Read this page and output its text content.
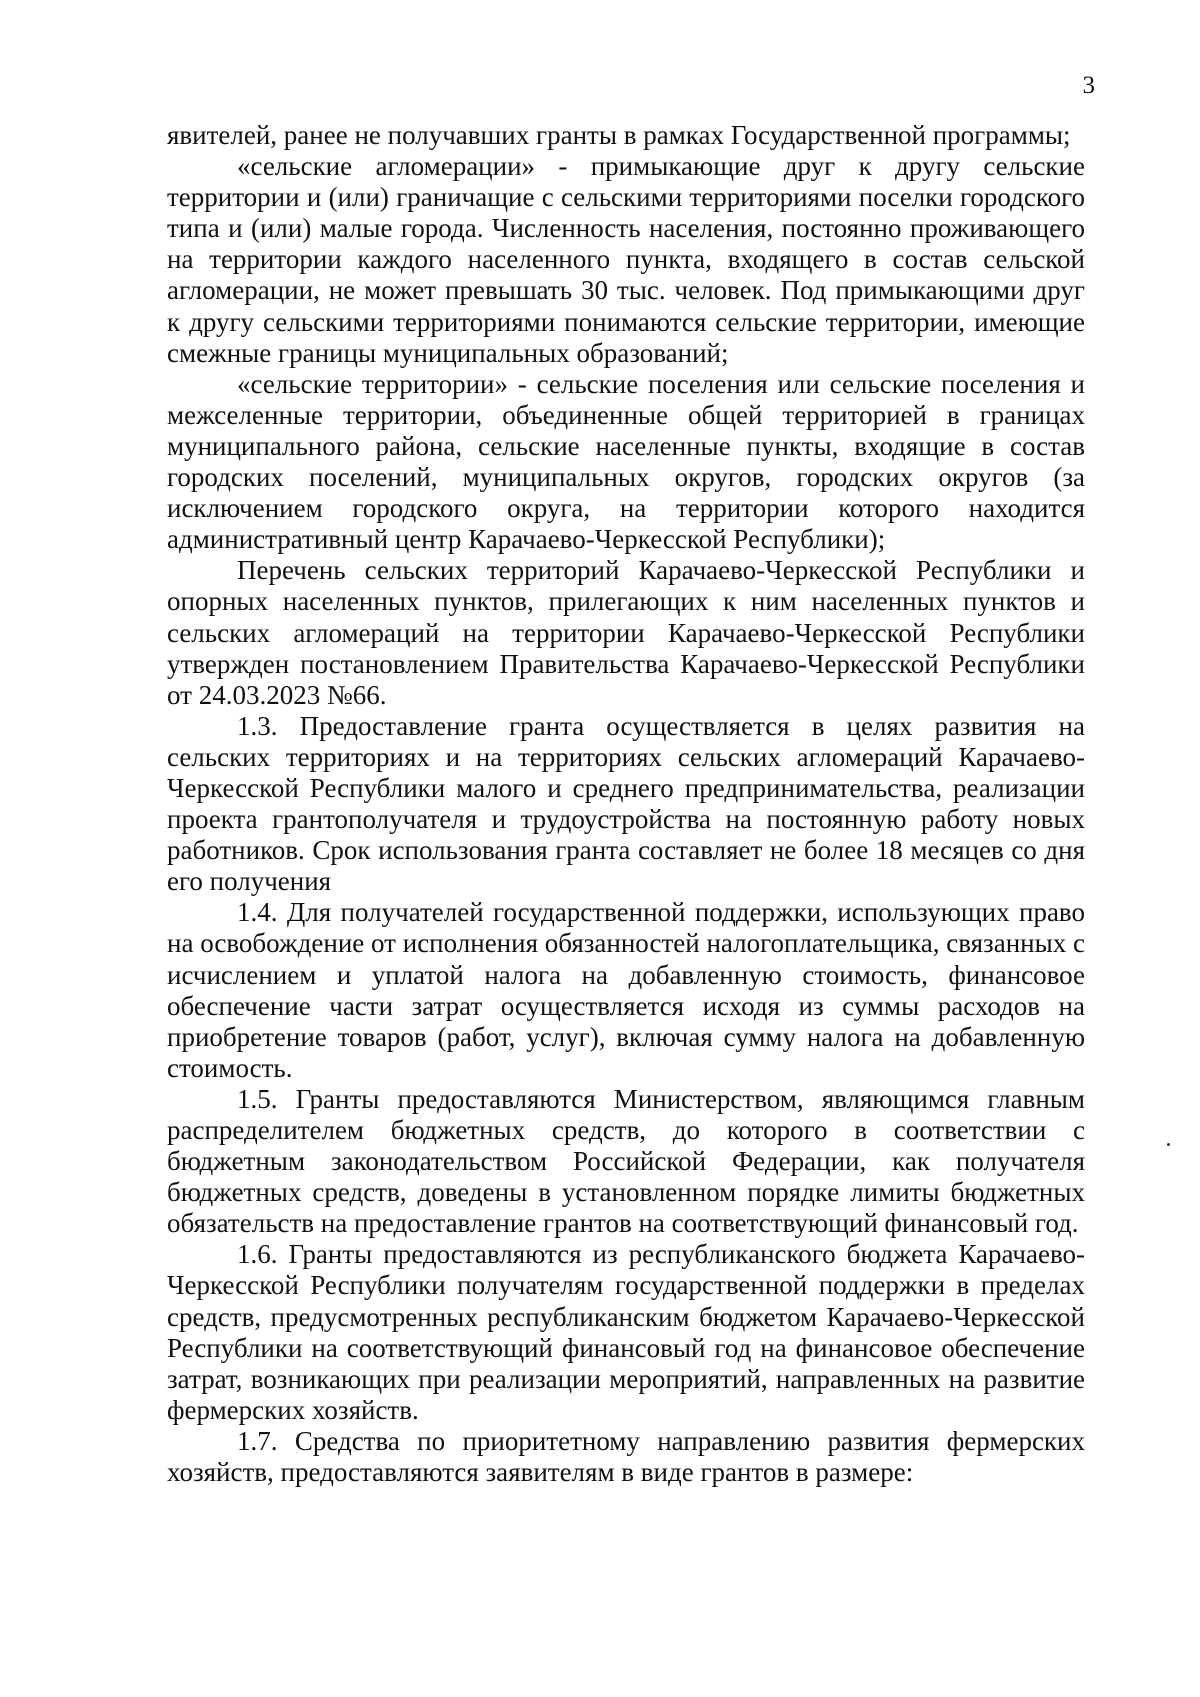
3

явителей, ранее не получавших гранты в рамках Государственной программы;

«сельские агломерации» - примыкающие друг к другу сельские территории и (или) граничащие с сельскими территориями поселки городского типа и (или) малые города. Численность населения, постоянно проживающего на территории каждого населенного пункта, входящего в состав сельской агломерации, не может превышать 30 тыс. человек. Под примыкающими друг к другу сельскими территориями понимаются сельские территории, имеющие смежные границы муниципальных образований;

«сельские территории» - сельские поселения или сельские поселения и межселенные территории, объединенные общей территорией в границах муниципального района, сельские населенные пункты, входящие в состав городских поселений, муниципальных округов, городских округов (за исключением городского округа, на территории которого находится административный центр Карачаево-Черкесской Республики);

Перечень сельских территорий Карачаево-Черкесской Республики и опорных населенных пунктов, прилегающих к ним населенных пунктов и сельских агломераций на территории Карачаево-Черкесской Республики утвержден постановлением Правительства Карачаево-Черкесской Республики от 24.03.2023 №66.

1.3. Предоставление гранта осуществляется в целях развития на сельских территориях и на территориях сельских агломераций Карачаево-Черкесской Республики малого и среднего предпринимательства, реализации проекта грантополучателя и трудоустройства на постоянную работу новых работников. Срок использования гранта составляет не более 18 месяцев со дня его получения

1.4. Для получателей государственной поддержки, использующих право на освобождение от исполнения обязанностей налогоплательщика, связанных с исчислением и уплатой налога на добавленную стоимость, финансовое обеспечение части затрат осуществляется исходя из суммы расходов на приобретение товаров (работ, услуг), включая сумму налога на добавленную стоимость.

1.5. Гранты предоставляются Министерством, являющимся главным распределителем бюджетных средств, до которого в соответствии с бюджетным законодательством Российской Федерации, как получателя бюджетных средств, доведены в установленном порядке лимиты бюджетных обязательств на предоставление грантов на соответствующий финансовый год.

1.6. Гранты предоставляются из республиканского бюджета Карачаево-Черкесской Республики получателям государственной поддержки в пределах средств, предусмотренных республиканским бюджетом Карачаево-Черкесской Республики на соответствующий финансовый год на финансовое обеспечение затрат, возникающих при реализации мероприятий, направленных на развитие фермерских хозяйств.

1.7. Средства по приоритетному направлению развития фермерских хозяйств, предоставляются заявителям в виде грантов в размере:
